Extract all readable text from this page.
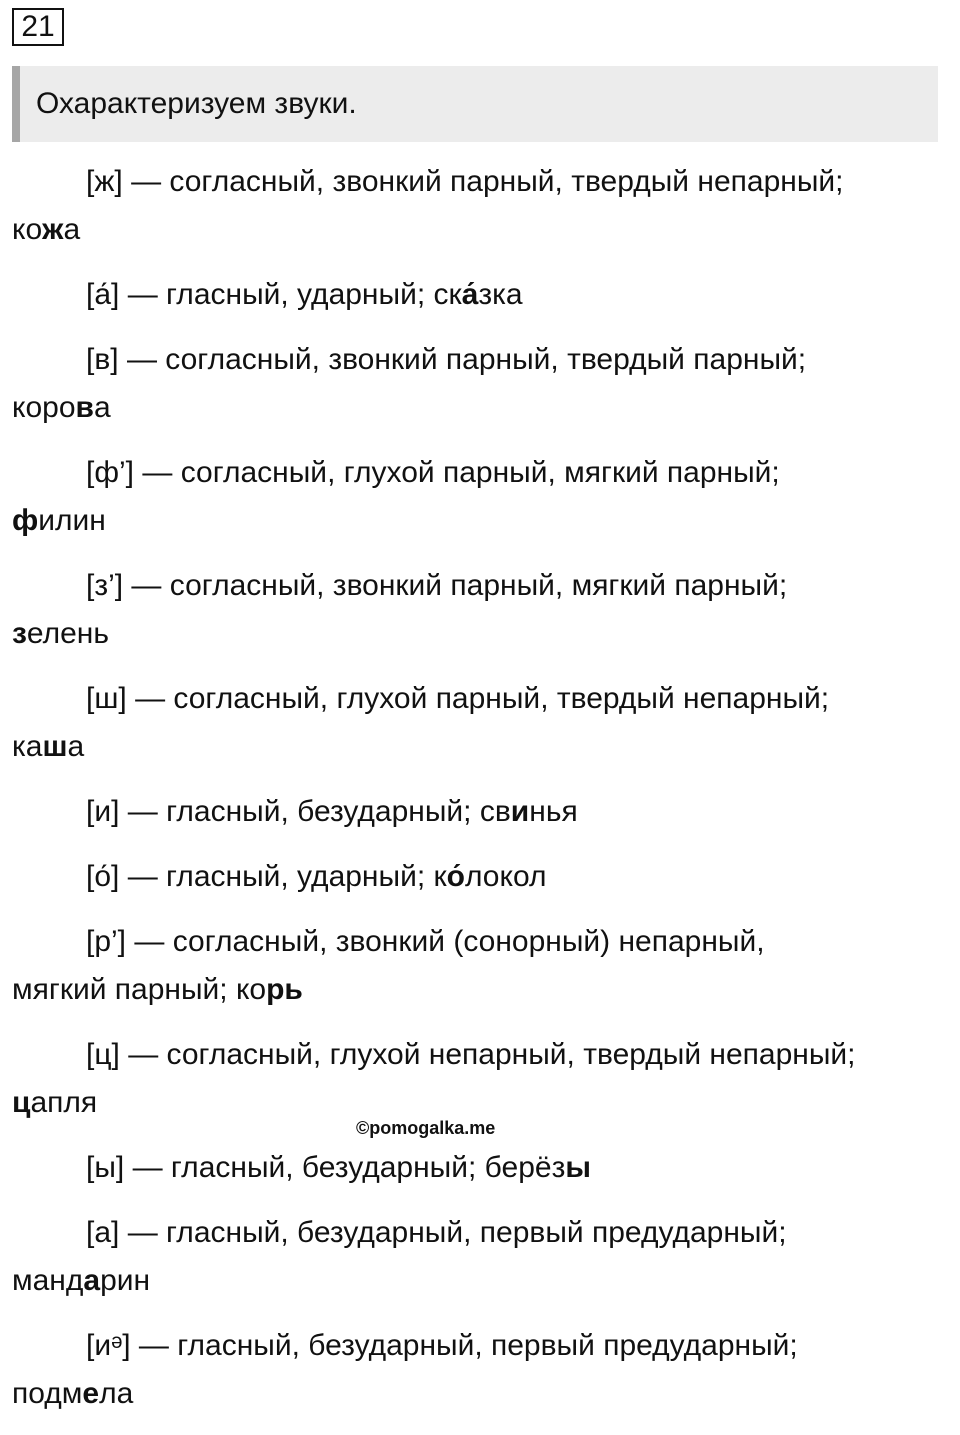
21
Охарактеризуем звуки.
[ж] — согласный, звонкий парный, твердый непарный;
кожа
[а́] — гласный, ударный; ска́зка
[в] — согласный, звонкий парный, твердый парный;
корова
[ф’] — согласный, глухой парный, мягкий парный;
филин
[з’] — согласный, звонкий парный, мягкий парный;
зелень
[ш] — согласный, глухой парный, твердый непарный;
каша
[и] — гласный, безударный; свинья
[о́] — гласный, ударный; ко́локол
[р’] — согласный, звонкий (сонорный) непарный,
мягкий парный; корь
[ц] — согласный, глухой непарный, твердый непарный;
цапля
[ы] — гласный, безударный; берёзы
[а] — гласный, безударный, первый предударный;
мандарин
[иᵊ] — гласный, безударный, первый предударный;
подмела
©pomogalka.me
